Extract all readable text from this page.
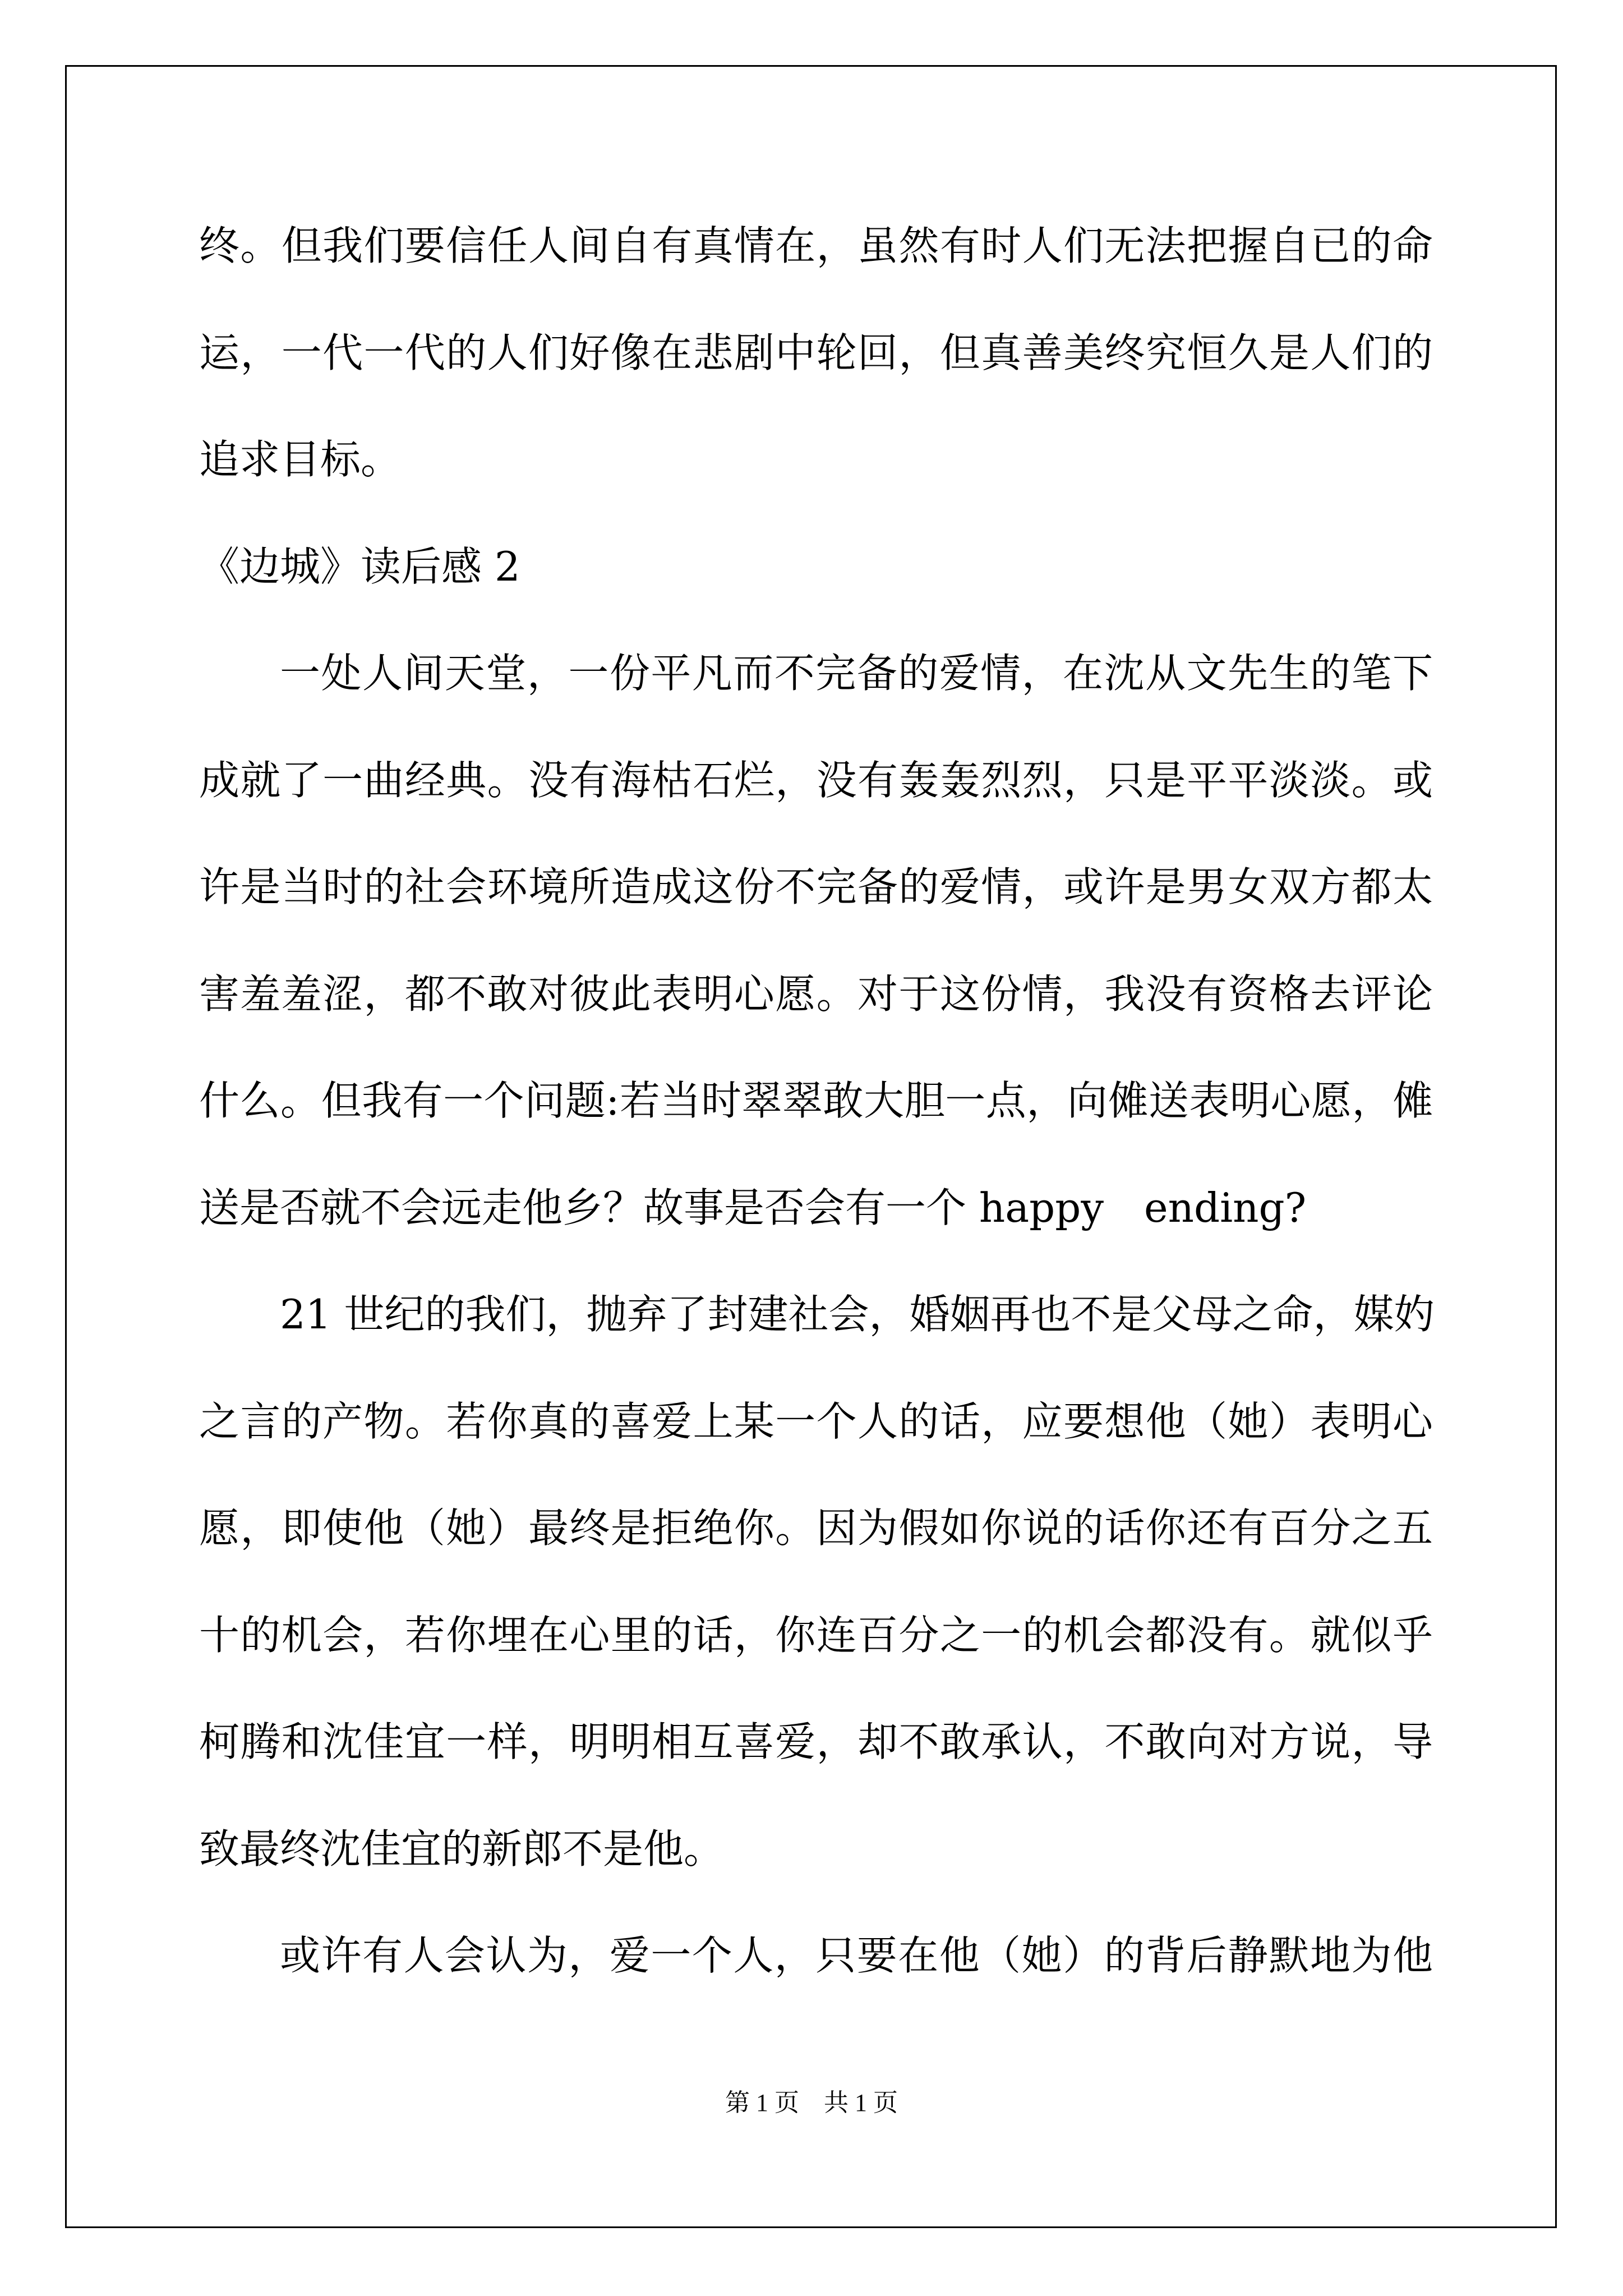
终。但我们要信任人间自有真情在，虽然有时人们无法把握自已的命
运，一代一代的人们好像在悲剧中轮回，但真善美终究恒久是人们的
追求目标。
《边城》读后感 2
一处人间天堂，一份平凡而不完备的爱情，在沈从文先生的笔下
成就了一曲经典。没有海枯石烂，没有轰轰烈烈，只是平平淡淡。或
许是当时的社会环境所造成这份不完备的爱情，或许是男女双方都太
害羞羞涩，都不敢对彼此表明心愿。对于这份情，我没有资格去评论
什么。但我有一个问题:若当时翠翠敢大胆一点，向傩送表明心愿，傩
送是否就不会远走他乡？故事是否会有一个 happy　ending?
21 世纪的我们，抛弃了封建社会，婚姻再也不是父母之命，媒妁
之言的产物。若你真的喜爱上某一个人的话，应要想他（她）表明心
愿，即使他（她）最终是拒绝你。因为假如你说的话你还有百分之五
十的机会，若你埋在心里的话，你连百分之一的机会都没有。就似乎
柯腾和沈佳宜一样，明明相互喜爱，却不敢承认，不敢向对方说，导
致最终沈佳宜的新郎不是他。
或许有人会认为，爱一个人，只要在他（她）的背后静默地为他
第 1 页　共 1 页
